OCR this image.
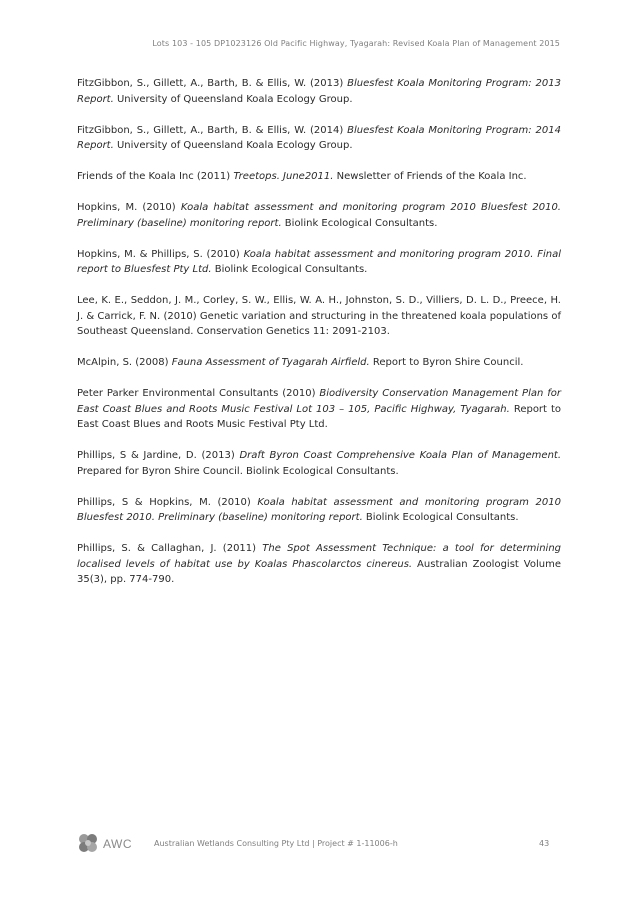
Lots 103 - 105 DP1023126 Old Pacific Highway, Tyagarah: Revised Koala Plan of Management 2015

FitzGibbon, S., Gillett, A., Barth, B. & Ellis, W. (2013) Bluesfest Koala Monitoring Program: 2013 Report. University of Queensland Koala Ecology Group.

FitzGibbon, S., Gillett, A., Barth, B. & Ellis, W. (2014) Bluesfest Koala Monitoring Program: 2014 Report. University of Queensland Koala Ecology Group.

Friends of the Koala Inc (2011) Treetops. June2011. Newsletter of Friends of the Koala Inc.

Hopkins, M. (2010) Koala habitat assessment and monitoring program 2010 Bluesfest 2010. Preliminary (baseline) monitoring report. Biolink Ecological Consultants.

Hopkins, M. & Phillips, S. (2010) Koala habitat assessment and monitoring program 2010. Final report to Bluesfest Pty Ltd. Biolink Ecological Consultants.

Lee, K. E., Seddon, J. M., Corley, S. W., Ellis, W. A. H., Johnston, S. D., Villiers, D. L. D., Preece, H. J. & Carrick, F. N. (2010) Genetic variation and structuring in the threatened koala populations of Southeast Queensland. Conservation Genetics 11: 2091-2103.

McAlpin, S. (2008) Fauna Assessment of Tyagarah Airfield. Report to Byron Shire Council.

Peter Parker Environmental Consultants (2010) Biodiversity Conservation Management Plan for East Coast Blues and Roots Music Festival Lot 103 – 105, Pacific Highway, Tyagarah. Report to East Coast Blues and Roots Music Festival Pty Ltd.

Phillips, S & Jardine, D. (2013) Draft Byron Coast Comprehensive Koala Plan of Management. Prepared for Byron Shire Council. Biolink Ecological Consultants.

Phillips, S & Hopkins, M. (2010) Koala habitat assessment and monitoring program 2010 Bluesfest 2010. Preliminary (baseline) monitoring report. Biolink Ecological Consultants.

Phillips, S. & Callaghan, J. (2011) The Spot Assessment Technique: a tool for determining localised levels of habitat use by Koalas Phascolarctos cinereus. Australian Zoologist Volume 35(3), pp. 774-790.

AWC	Australian Wetlands Consulting Pty Ltd | Project # 1-11006-h	43
